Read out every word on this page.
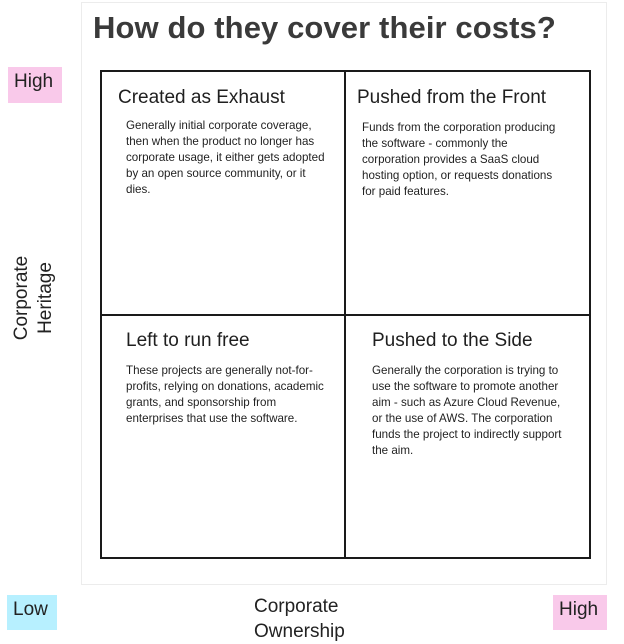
How do they cover their costs?
Created as Exhaust
Generally initial corporate coverage, then when the product no longer has corporate usage, it either gets adopted by an open source community, or it dies.
Pushed from the Front
Funds from the corporation producing the software - commonly the corporation provides a SaaS cloud hosting option, or requests donations for paid features.
Left to run free
These projects are generally not-for-profits, relying on donations, academic grants, and sponsorship from enterprises that use the software.
Pushed to the Side
Generally the corporation is trying to use the software to promote another aim - such as Azure Cloud Revenue, or the use of AWS. The corporation funds the project to indirectly support the aim.
High
Low	High
Corporate Heritage
Corporate
Ownership
